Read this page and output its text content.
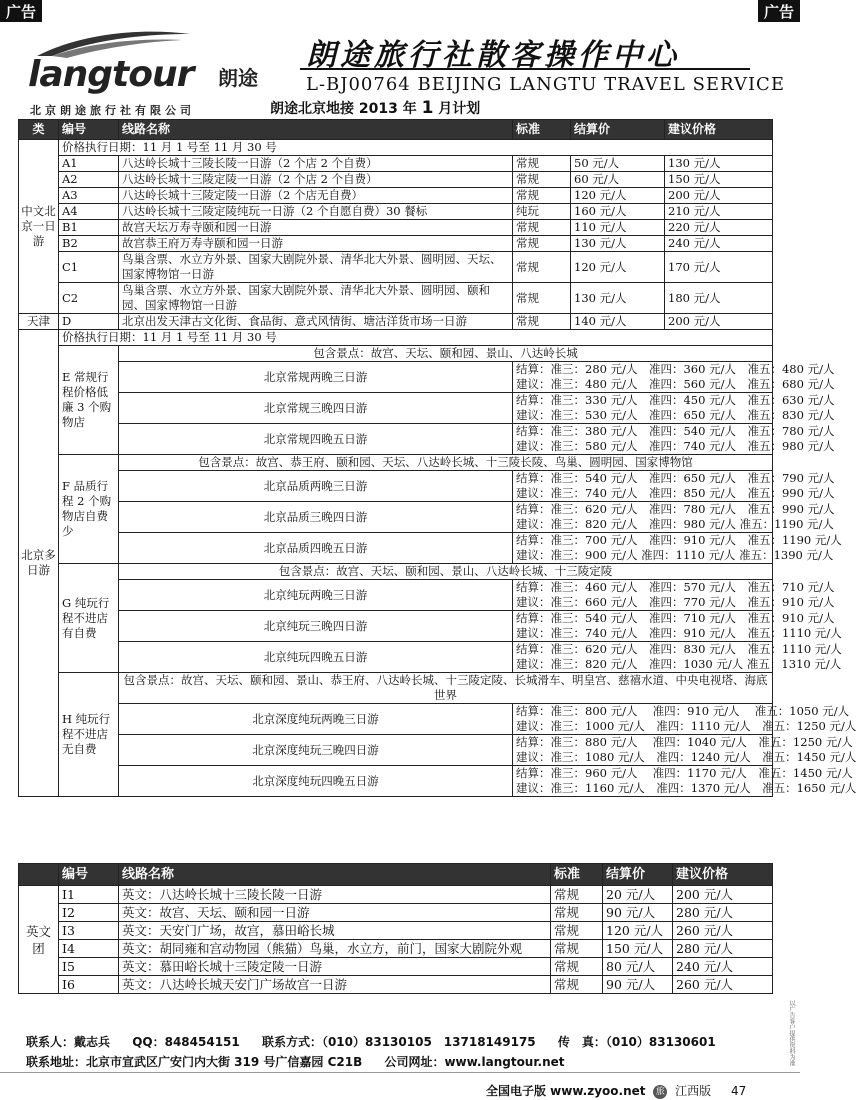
广告	广告
langtour 朗途
北京朗途旅行社有限公司
朗途旅行社散客操作中心
L-BJ00764 BEIJING LANGTU TRAVEL SERVICE
朗途北京地接 2013 年 1 月计划
类	编号	线路名称	标准	结算价	建议价格
中文北京一日游	价格执行日期：11 月 1 号至 11 月 30 号				
	A1	八达岭长城十三陵长陵一日游（2 个店 2 个自费）	常规	50 元/人	130 元/人
	A2	八达岭长城十三陵定陵一日游（2 个店 2 个自费）	常规	60 元/人	150 元/人
	A3	八达岭长城十三陵定陵一日游（2 个店无自费）	常规	120 元/人	200 元/人
	A4	八达岭长城十三陵定陵纯玩一日游（2 个自愿自费）30 餐标	纯玩	160 元/人	210 元/人
	B1	故宫天坛万寿寺颐和园一日游	常规	110 元/人	220 元/人
	B2	故宫恭王府万寿寺颐和园一日游	常规	130 元/人	240 元/人
	C1	鸟巢含票、水立方外景、国家大剧院外景、清华北大外景、圆明园、天坛、国家博物馆一日游	常规	120 元/人	170 元/人
	C2	鸟巢含票、水立方外景、国家大剧院外景、清华北大外景、圆明园、颐和园、国家博物馆一日游	常规	130 元/人	180 元/人
天津	D	北京出发天津古文化街、食品街、意式风情街、塘沽洋货市场一日游	常规	140 元/人	200 元/人
北京多日游	价格执行日期：11 月 1 号至 11 月 30 号				
	E 常规行程价格低廉 3 个购物店	包含景点：故宫、天坛、颐和园、景山、八达岭长城			
		北京常规两晚三日游	结算：准三：280 元/人　准四：360 元/人　准五：480 元/人
建议：准三：480 元/人　准四：560 元/人　准五：680 元/人		

		北京常规三晚四日游	结算：准三：330 元/人　准四：450 元/人　准五：630 元/人
建议：准三：530 元/人　准四：650 元/人　准五：830 元/人		

		北京常规四晚五日游	结算：准三：380 元/人　准四：540 元/人　准五：780 元/人
建议：准三：580 元/人　准四：740 元/人　准五：980 元/人		

	F 品质行程 2 个购物店自费少	包含景点：故宫、恭王府、颐和园、天坛、八达岭长城、十三陵长陵、鸟巢、圆明园、国家博物馆			
		北京品质两晚三日游	结算：准三：540 元/人　准四：650 元/人　准五：790 元/人
建议：准三：740 元/人　准四：850 元/人　准五：990 元/人		

		北京品质三晚四日游	结算：准三：620 元/人　准四：780 元/人　准五：990 元/人
建议：准三：820 元/人　准四：980 元/人 准五：1190 元/人		

		北京品质四晚五日游	结算：准三：700 元/人　准四：910 元/人　准五：1190 元/人
建议：准三：900 元/人 准四：1110 元/人 准五：1390 元/人		

	G 纯玩行程不进店有自费	包含景点：故宫、天坛、颐和园、景山、八达岭长城、十三陵定陵			
		北京纯玩两晚三日游	结算：准三：460 元/人　准四：570 元/人　准五：710 元/人
建议：准三：660 元/人　准四：770 元/人　准五：910 元/人		

		北京纯玩三晚四日游	结算：准三：540 元/人　准四：710 元/人　准五：910 元/人
建议：准三：740 元/人　准四：910 元/人　准五：1110 元/人		

		北京纯玩四晚五日游	结算：准三：620 元/人　准四：830 元/人　准五：1110 元/人
建议：准三：820 元/人　准四：1030 元/人 准五：1310 元/人		

	H 纯玩行程不进店无自费	包含景点：故宫、天坛、颐和园、景山、恭王府、八达岭长城、十三陵定陵、长城滑车、明皇宫、慈禧水道、中央电视塔、海底世界			
		北京深度纯玩两晚三日游	结算：准三：800 元/人　 准四：910 元/人　 准五：1050 元/人
建议：准三：1000 元/人　准四：1110 元/人　准五：1250 元/人		

		北京深度纯玩三晚四日游	结算：准三：880 元/人　 准四：1040 元/人　准五：1250 元/人
建议：准三：1080 元/人　准四：1240 元/人　准五：1450 元/人		

		北京深度纯玩四晚五日游	结算：准三：960 元/人　 准四：1170 元/人　准五：1450 元/人
建议：准三：1160 元/人　准四：1370 元/人　准五：1650 元/人		
	编号	线路名称	标准	结算价	建议价格
英文团	I1	英文：八达岭长城十三陵长陵一日游	常规	20 元/人	200 元/人
	I2	英文：故宫、天坛、颐和园一日游	常规	90 元/人	280 元/人
	I3	英文：天安门广场，故宫，慕田峪长城	常规	120 元/人	260 元/人
	I4	英文：胡同雍和宫动物园（熊猫）鸟巢，水立方，前门，国家大剧院外观	常规	150 元/人	280 元/人
	I5	英文：慕田峪长城十三陵定陵一日游	常规	80 元/人	240 元/人
	I6	英文：八达岭长城天安门广场故宫一日游	常规	90 元/人	260 元/人
联系人：戴志兵 QQ：848454151 联系方式：（010）83130105　13718149175 传　真：（010）83130601
联系地址：北京市宣武区广安门内大街 319 号广信嘉园 C21B 公司网址：www.langtour.net
全国电子版 www.zyoo.net 旅 江西版 47
以广告客户提供资料为准
